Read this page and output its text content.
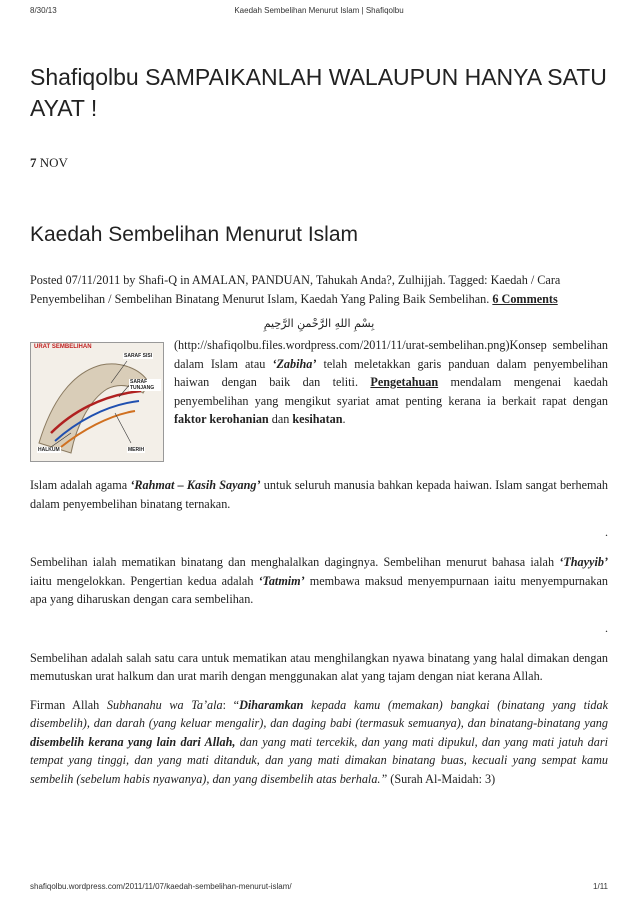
8/30/13	Kaedah Sembelihan Menurut Islam | Shafiqolbu
Shafiqolbu SAMPAIKANLAH WALAUPUN HANYA SATU AYAT !
7 NOV
Kaedah Sembelihan Menurut Islam
Posted 07/11/2011 by Shafi-Q in AMALAN, PANDUAN, Tahukah Anda?, Zulhijjah. Tagged: Kaedah / Cara Penyembelihan / Sembelihan Binatang Menurut Islam, Kaedah Yang Paling Baik Sembelihan. 6 Comments
بِسْمِ اللهِ الرَّحْمنِ الرَّحِيمِ
URAT SEMBELIHAN
SARAF SISI
SARAF TUNJANG
HALKUM	MERIH
(http://shafiqolbu.files.wordpress.com/2011/11/urat-sembelihan.png)Konsep sembelihan dalam Islam atau ‘Zabiha’ telah meletakkan garis panduan dalam penyembelihan haiwan dengan baik dan teliti. Pengetahuan mendalam mengenai kaedah penyembelihan yang mengikut syariat amat penting kerana ia berkait rapat dengan faktor kerohanian dan kesihatan.

Islam adalah agama ‘Rahmat – Kasih Sayang’ untuk seluruh manusia bahkan kepada haiwan. Islam sangat berhemah dalam penyembelihan binatang ternakan.

.

Sembelihan ialah mematikan binatang dan menghalalkan dagingnya. Sembelihan menurut bahasa ialah ‘Thayyib’ iaitu mengelokkan. Pengertian kedua adalah ‘Tatmim’ membawa maksud menyempurnaan iaitu menyempurnakan apa yang diharuskan dengan cara sembelihan.

.

Sembelihan adalah salah satu cara untuk mematikan atau menghilangkan nyawa binatang yang halal dimakan dengan memutuskan urat halkum dan urat marih dengan menggunakan alat yang tajam dengan niat kerana Allah.

Firman Allah Subhanahu wa Ta’ala: “Diharamkan kepada kamu (memakan) bangkai (binatang yang tidak disembelih), dan darah (yang keluar mengalir), dan daging babi (termasuk semuanya), dan binatang-binatang yang disembelih kerana yang lain dari Allah, dan yang mati tercekik, dan yang mati dipukul, dan yang mati jatuh dari tempat yang tinggi, dan yang mati ditanduk, dan yang mati dimakan binatang buas, kecuali yang sempat kamu sembelih (sebelum habis nyawanya), dan yang disembelih atas berhala.” (Surah Al-Maidah: 3)

shafiqolbu.wordpress.com/2011/11/07/kaedah-sembelihan-menurut-islam/	1/11
